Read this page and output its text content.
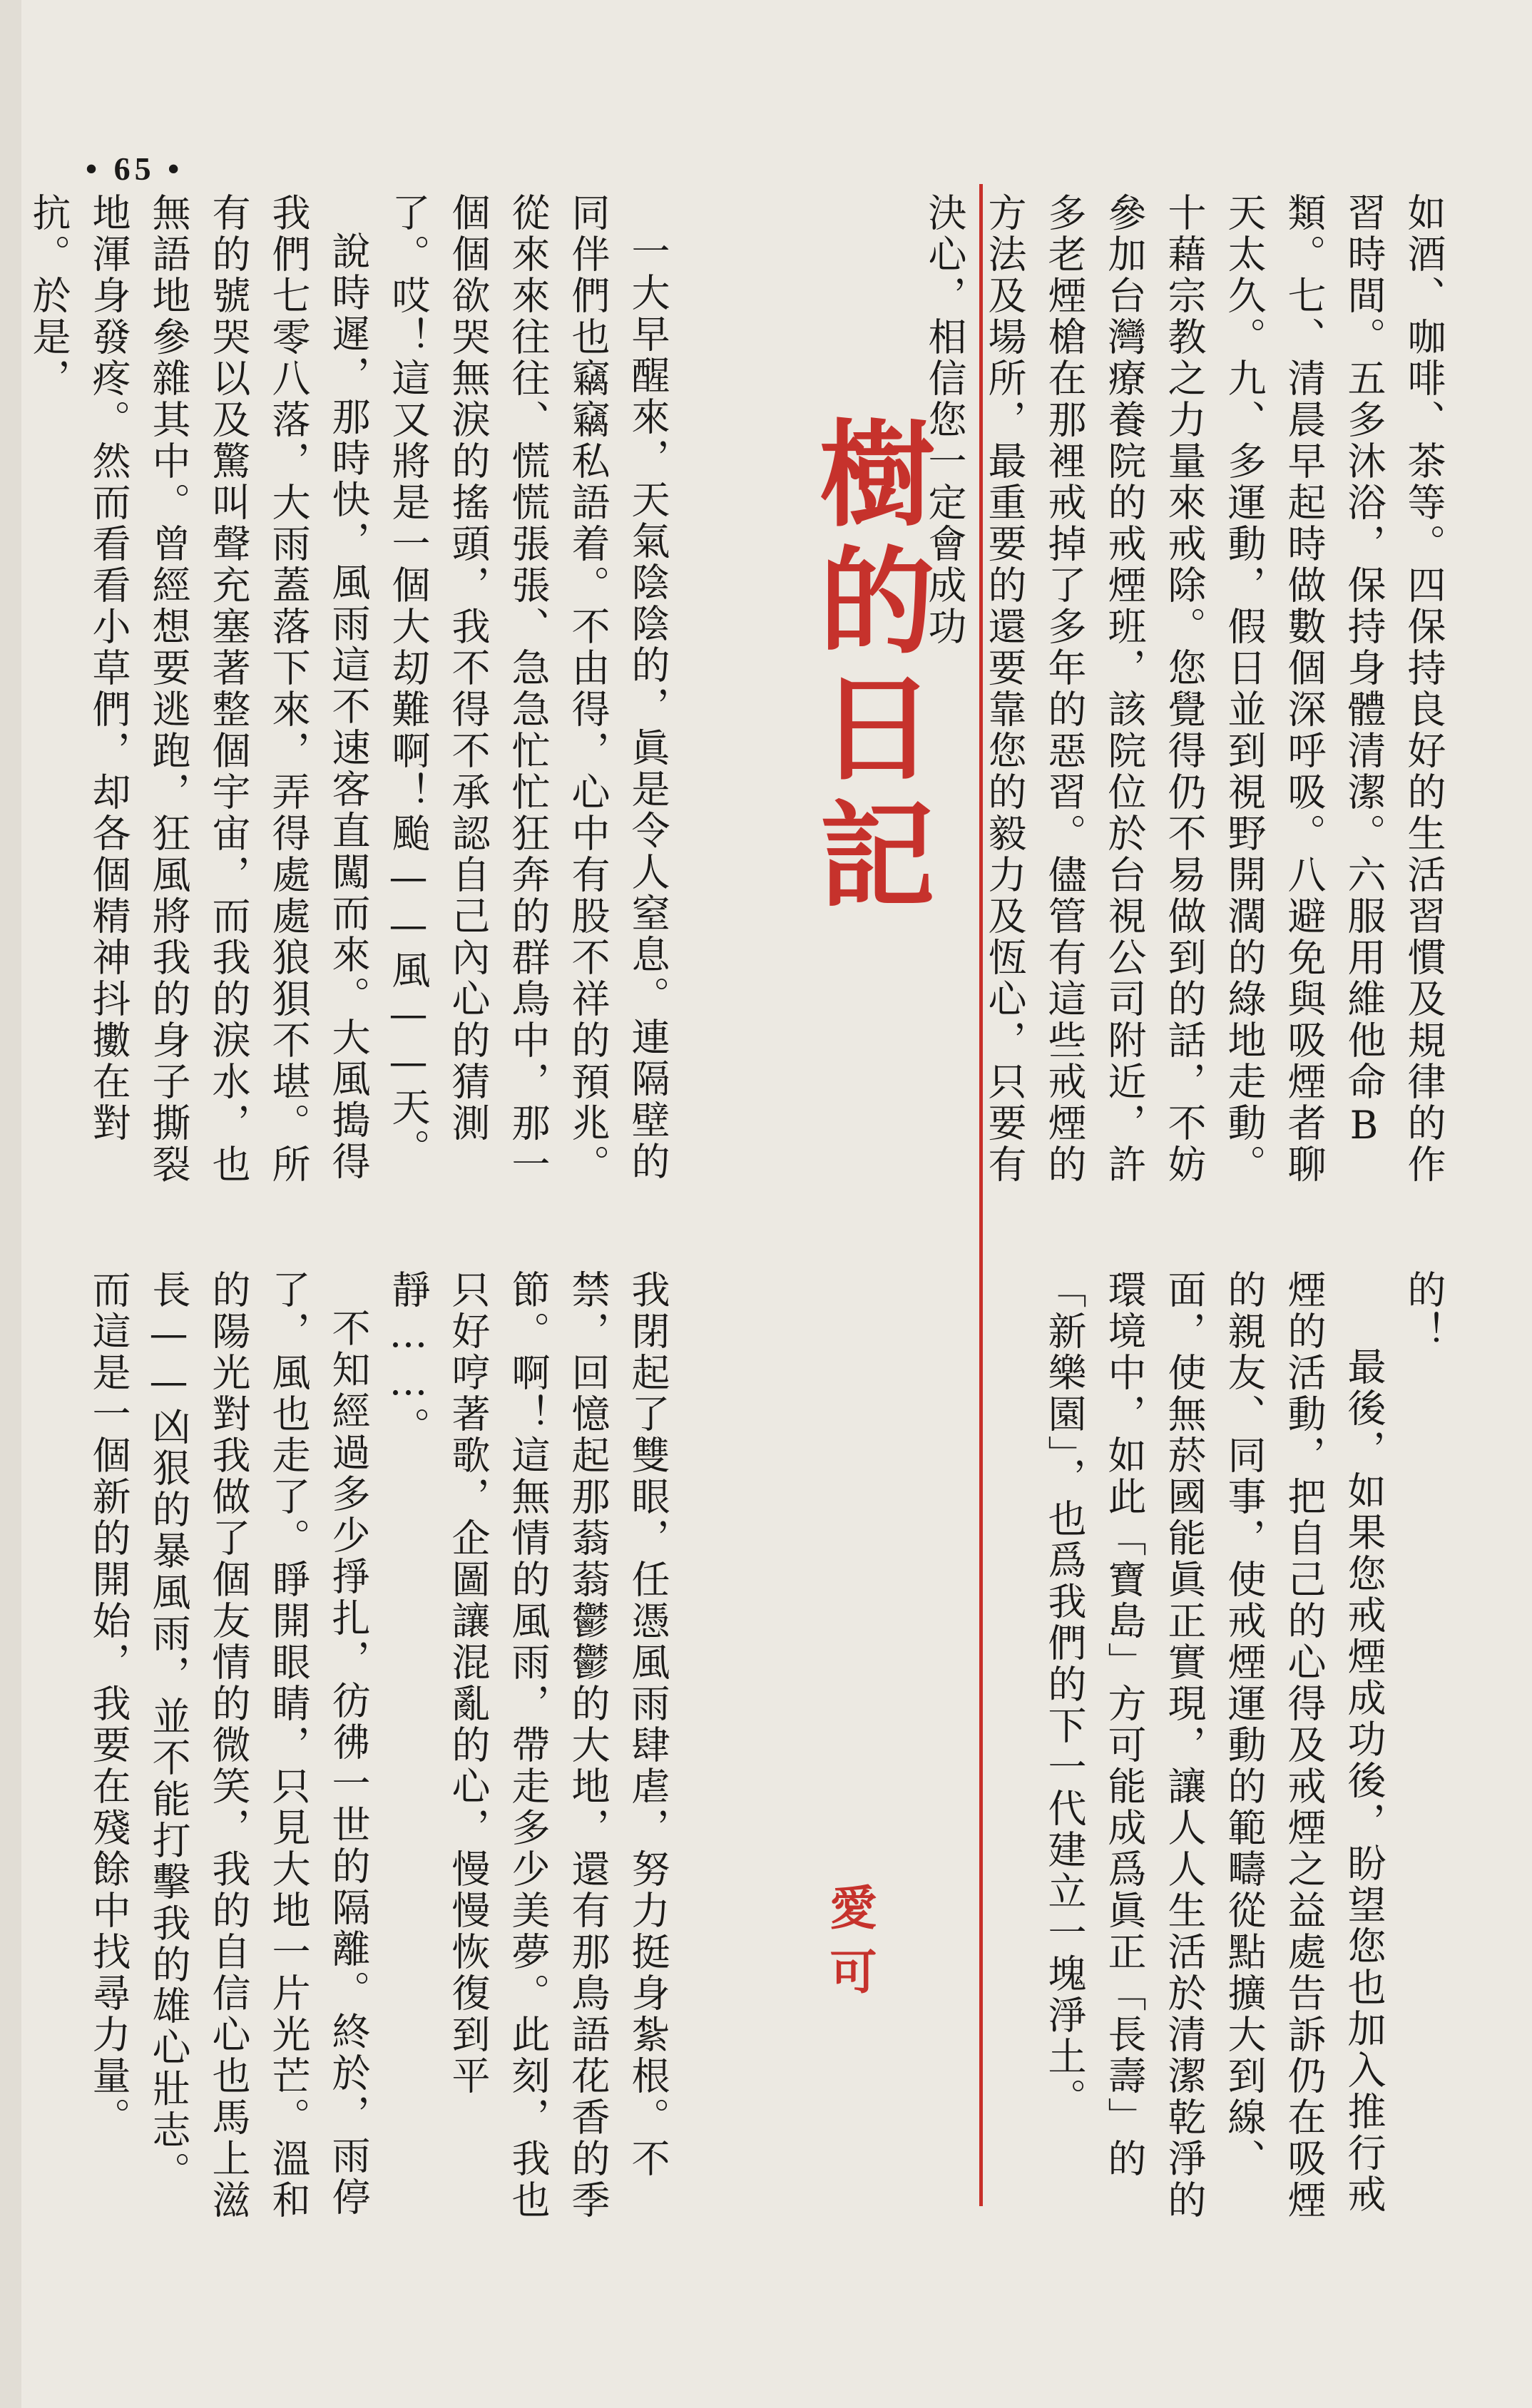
• 65 •

如酒、咖啡、茶等。四保持良好的生活習慣及規律的作習時間。五多沐浴，保持身體清潔。六服用維他命B類。七、清晨早起時做數個深呼吸。八避免與吸煙者聊天太久。九、多運動，假日並到視野開濶的綠地走動。十藉宗教之力量來戒除。您覺得仍不易做到的話，不妨參加台灣療養院的戒煙班，該院位於台視公司附近，許多老煙槍在那裡戒掉了多年的惡習。儘管有這些戒煙的方法及場所，最重要的還要靠您的毅力及恆心，只要有決心，相信您一定會成功

的！

最後，如果您戒煙成功後，盼望您也加入推行戒煙的活動，把自己的心得及戒煙之益處告訴仍在吸煙的親友、同事，使戒煙運動的範疇從點擴大到線、面，使無菸國能眞正實現，讓人人生活於清潔乾淨的環境中，如此「寶島」方可能成爲眞正「長壽」的「新樂園」，也爲我們的下一代建立一塊淨土。

樹的日記
愛可

一大早醒來，天氣陰陰的，眞是令人窒息。連隔壁的同伴們也竊竊私語着。不由得，心中有股不祥的預兆。從來來往往、慌慌張張、急急忙忙狂奔的群鳥中，那一個個欲哭無淚的搖頭，我不得不承認自己內心的猜測了。哎！這又將是一個大刧難啊！颱——風——天。

說時遲，那時快，風雨這不速客直闖而來。大風搗得我們七零八落，大雨蓋落下來，弄得處處狼狽不堪。所有的號哭以及驚叫聲充塞著整個宇宙，而我的淚水，也無語地參雜其中。曾經想要逃跑，狂風將我的身子撕裂地渾身發疼。然而看看小草們，却各個精神抖擻在對抗。於是，

我閉起了雙眼，任憑風雨肆虐，努力挺身紮根。不禁，回憶起那蓊蓊鬱鬱的大地，還有那鳥語花香的季節。啊！這無情的風雨，帶走多少美夢。此刻，我也只好哼著歌，企圖讓混亂的心，慢慢恢復到平靜……。

不知經過多少掙扎，彷彿一世的隔離。終於，雨停了，風也走了。睜開眼睛，只見大地一片光芒。溫和的陽光對我做了個友情的微笑，我的自信心也馬上滋長——凶狠的暴風雨，並不能打擊我的雄心壯志。而這是一個新的開始，我要在殘餘中找尋力量。
